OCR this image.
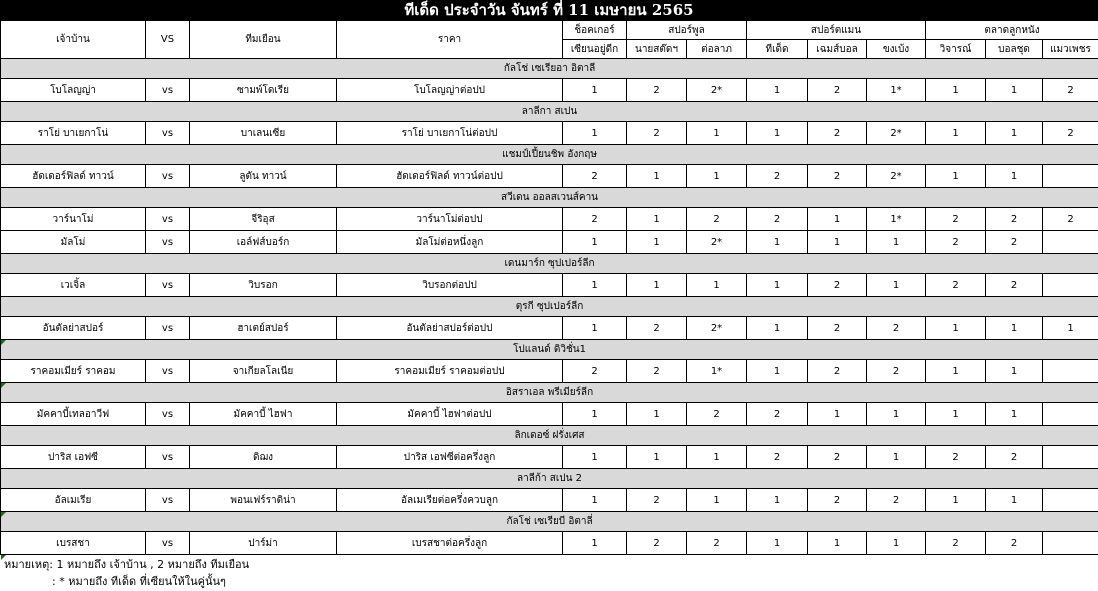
ทีเด็ด ประจำวัน จันทร์ ที่ 11 เมษายน 2565
เจ้าบ้าน	VS	ทีมเยือน	ราคา	ช็อคเกอร์	สปอร์พูล		สปอร์ตแมน			ตลาดลูกหนัง		
				เซียนอยู่ดีก	นายสต๊ดฯ	ต่อลาภ	ทีเด็ด	เฉมส์บอล	ขงเบ้ง	วิจารณ์	บอลชุด	แมวเพชร
กัลโช่ เซเรียอา อิตาลี												
โบโลญญ่า	vs	ซามพ์โดเรีย	โบโลญญ่าต่อปป	1	2	2*	1	2	1*	1	1	2
ลาลีกา สเปน												
ราโย่ บาเยกาโน่	vs	บาเลนเซีย	ราโย่ บาเยกาโน่ต่อปป	1	2	1	1	2	2*	1	1	2
แชมป์เปี้ยนชิพ อังกฤษ												
ฮัดเดอร์ฟิลด์ ทาวน์	vs	ลูตัน ทาวน์	ฮัดเดอร์ฟิลด์ ทาวน์ต่อปป	2	1	1	2	2	2*	1	1	
สวีเดน ออลสเวนส์คาน												
วาร์นาโม่	vs	จีริอุส	วาร์นาโม่ต่อปป	2	1	2	2	1	1*	2	2	2
มัลโม่	vs	เอล์ฟส์บอร์ก	มัลโม่ต่อหนึ่งลูก	1	1	2*	1	1	1	2	2	
เดนมาร์ก ซุปเปอร์ลีก												
เวเจิ้ล	vs	วิบรอก	วิบรอกต่อปป	1	1	1	1	2	1	2	2	
ตุรกี ซุปเปอร์ลีก												
อันตัลย่าสปอร์	vs	ฮาเตย์สปอร์	อันตัลย่าสปอร์ต่อปป	1	2	2*	1	2	2	1	1	1
โปแลนด์ ดิวิชั่น1												
ราคอมเมียร์ ราคอม	vs	จาเกียลโลเนีย	ราคอมเมียร์ ราคอมต่อปป	2	2	1*	1	2	2	1	1	
อิสราเอล พรีเมียร์ลีก												
มัคคาบี้เทลอาวีฟ	vs	มัคคาบี้ ไฮฟา	มัคคาบี้ ไฮฟาต่อปป	1	1	2	2	1	1	1	1	
ลิกเดอซ์ ฝรั่งเศส												
ปาริส เอฟซี	vs	ดิฌง	ปาริส เอฟซีต่อครึ่งลูก	1	1	1	2	2	1	2	2	
ลาลีก้า สเปน 2												
อัลเมเรีย	vs	พอนเฟร์ราดิน่า	อัลเมเรียต่อครึ่งควบลูก	1	2	1	1	2	2	1	1	
กัลโช่ เซเรียบี อิตาลี่												
เบรสชา	vs	ปาร์ม่า	เบรสชาต่อครึ่งลูก	1	2	2	1	1	1	2	2	
หมายเหตุ: 1 หมายถึง เจ้าบ้าน , 2 หมายถึง ทีมเยือน
: * หมายถึง ทีเด็ด ที่เซียนให้ในคู่นั้นๆ
